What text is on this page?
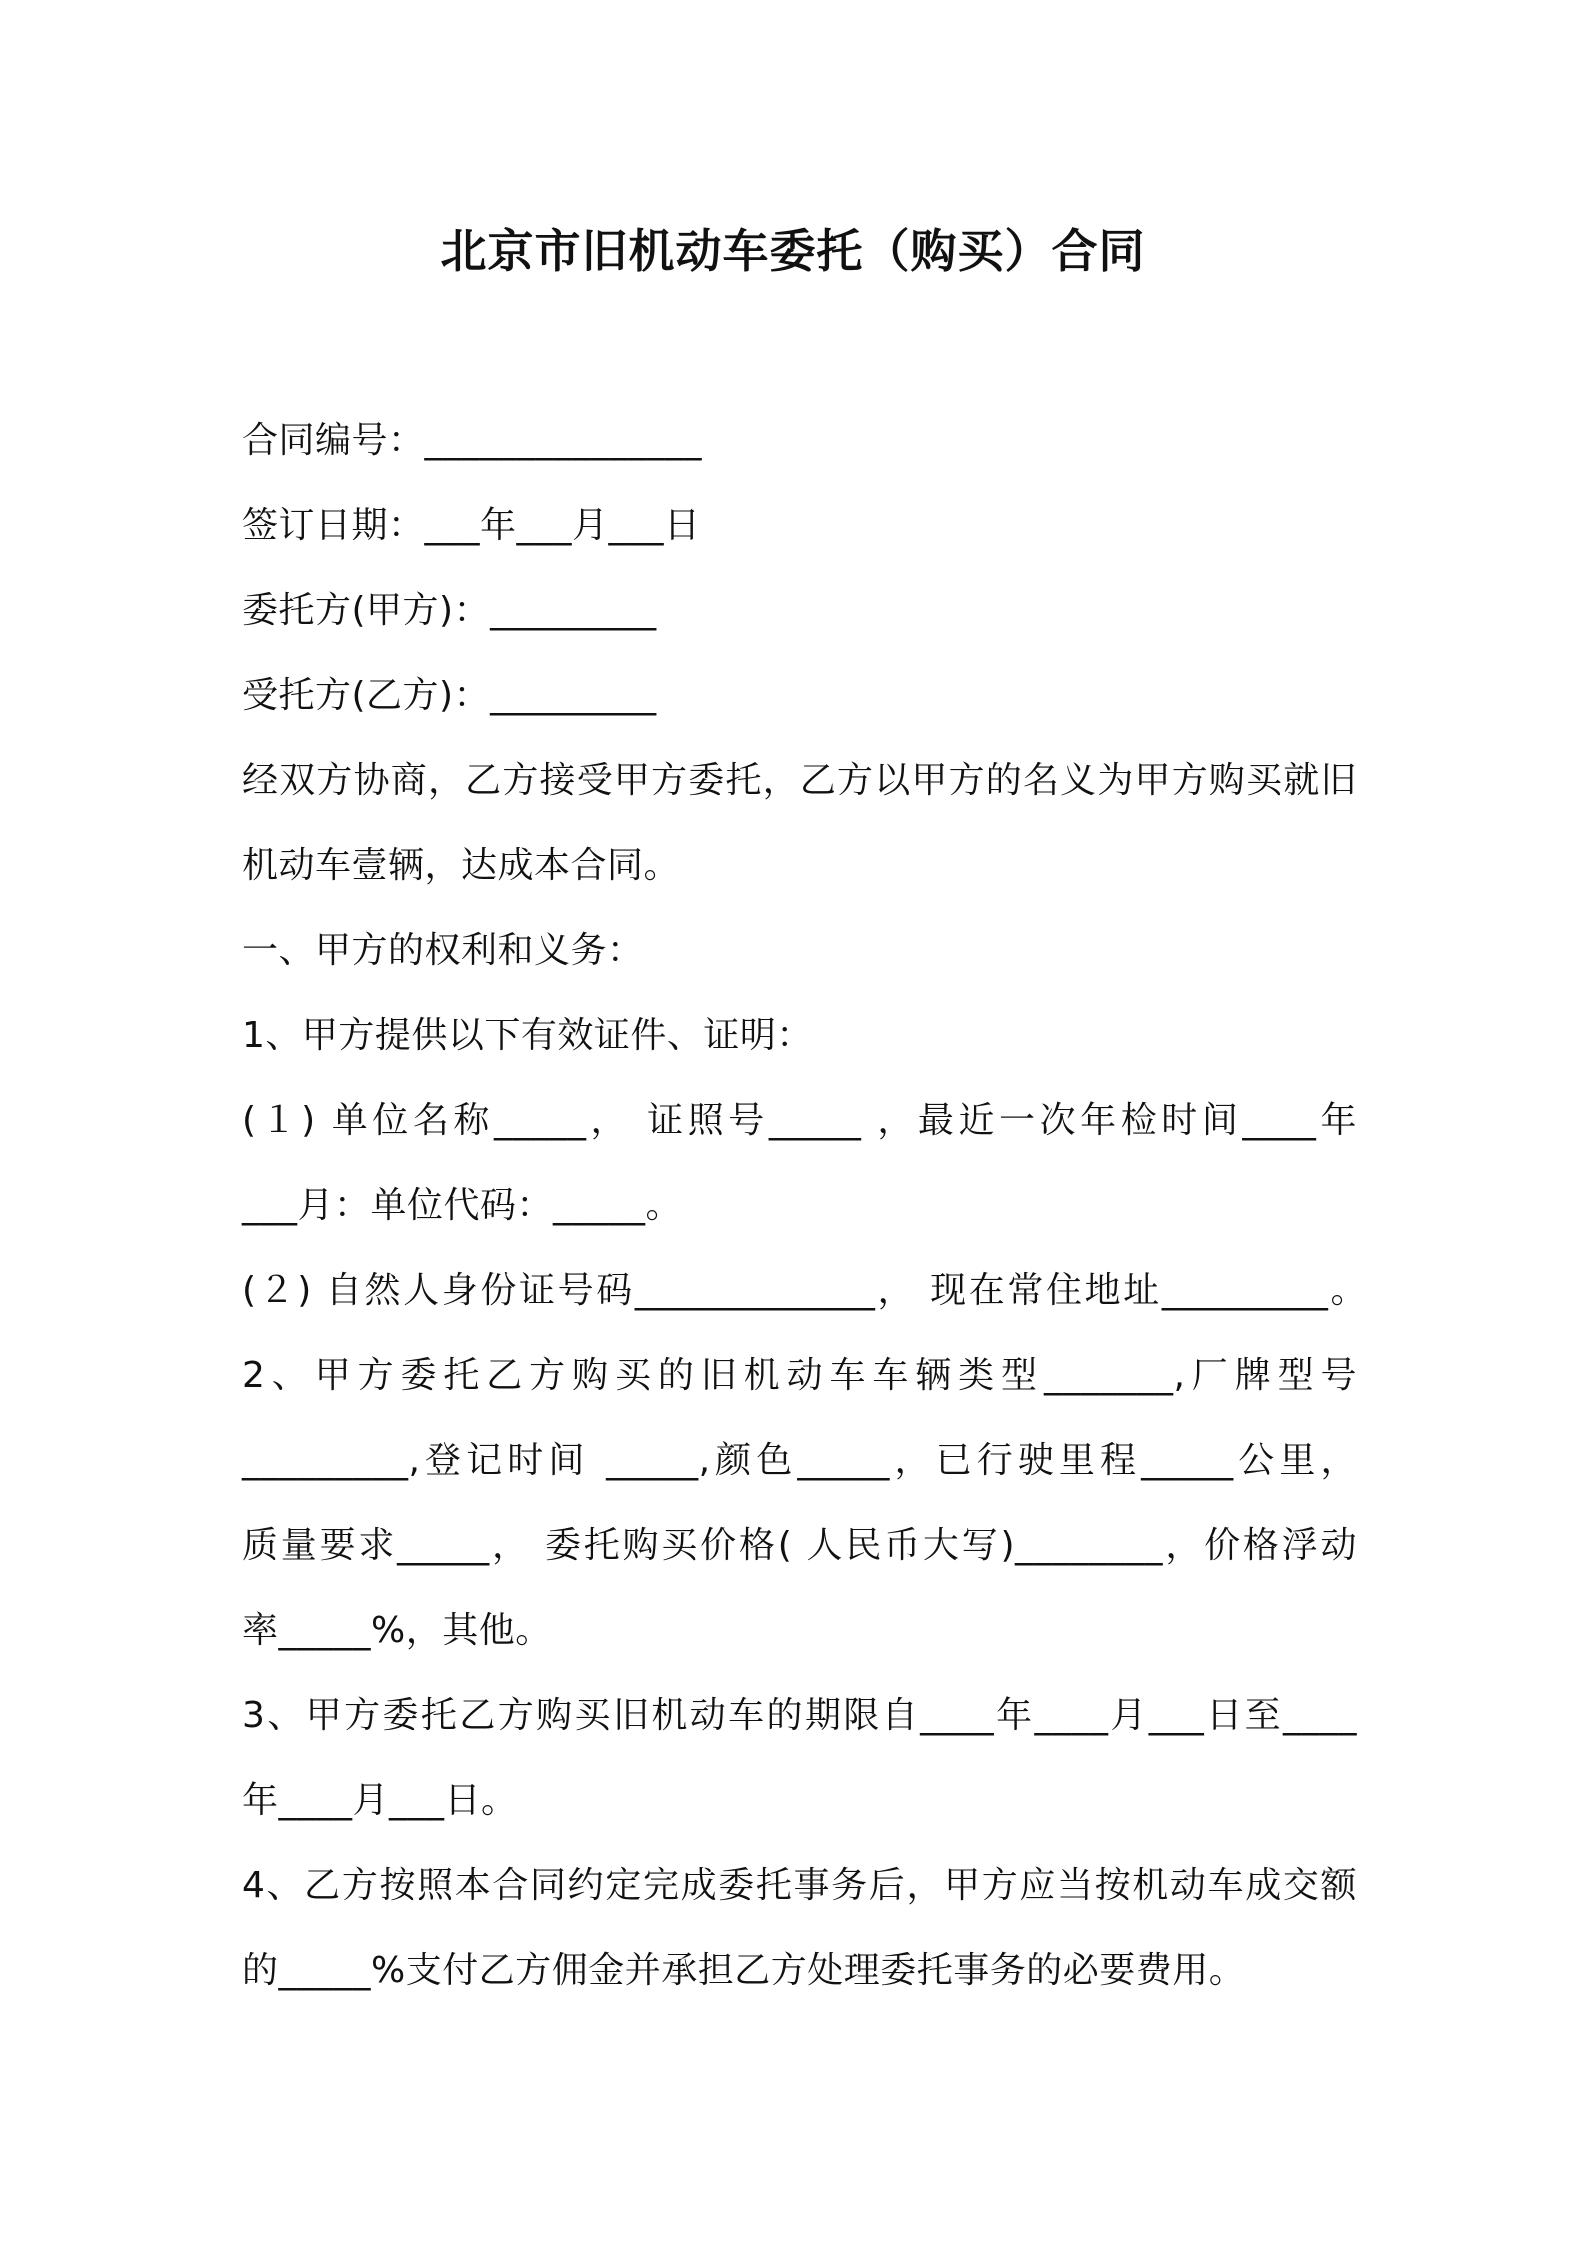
北京市旧机动车委托（购买）合同
合同编号：_______________
签订日期：___年___月___日
委托方(甲方)：_________
受托方(乙方)：_________
经双方协商，乙方接受甲方委托，乙方以甲方的名义为甲方购买就旧
机动车壹辆，达成本合同。
一、甲方的权利和义务：
1、甲方提供以下有效证件、证明：
(１) 单位名称_____， 证照号_____ ，最近一次年检时间____年
___月：单位代码：_____。
(２) 自然人身份证号码_____________， 现在常住地址_________。
2、甲方委托乙方购买的旧机动车车辆类型_______,厂牌型号
_________,登记时间 _____,颜色_____，已行驶里程_____公里，
质量要求_____， 委托购买价格( 人民币大写)________，价格浮动
率_____%，其他。
3、甲方委托乙方购买旧机动车的期限自____年____月___日至____
年____月___日。
4、乙方按照本合同约定完成委托事务后，甲方应当按机动车成交额
的_____%支付乙方佣金并承担乙方处理委托事务的必要费用。
